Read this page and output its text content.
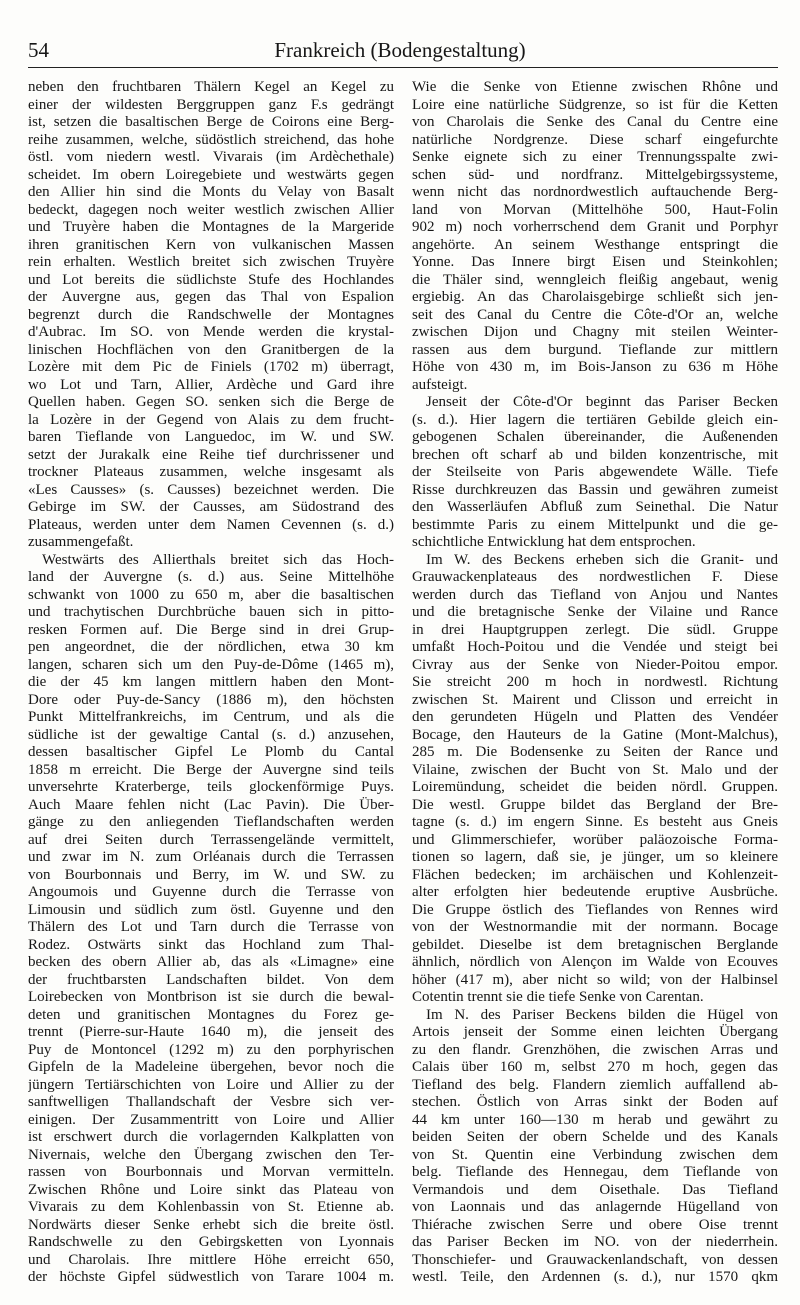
54	Frankreich (Bodengestaltung)
neben den fruchtbaren Thälern Kegel an Kegel zu
einer der wildesten Berggruppen ganz F.s gedrängt
ist, setzen die basaltischen Berge de Coirons eine Berg-
reihe zusammen, welche, südöstlich streichend, das hohe
östl. vom niedern westl. Vivarais (im Ardèchethale)
scheidet. Im obern Loiregebiete und westwärts gegen
den Allier hin sind die Monts du Velay von Basalt
bedeckt, dagegen noch weiter westlich zwischen Allier
und Truyère haben die Montagnes de la Margeride
ihren granitischen Kern von vulkanischen Massen
rein erhalten. Westlich breitet sich zwischen Truyère
und Lot bereits die südlichste Stufe des Hochlandes
der Auvergne aus, gegen das Thal von Espalion
begrenzt durch die Randschwelle der Montagnes
d'Aubrac. Im SO. von Mende werden die krystal-
linischen Hochflächen von den Granitbergen de la
Lozère mit dem Pic de Finiels (1702 m) überragt,
wo Lot und Tarn, Allier, Ardèche und Gard ihre
Quellen haben. Gegen SO. senken sich die Berge de
la Lozère in der Gegend von Alais zu dem frucht-
baren Tieflande von Languedoc, im W. und SW.
setzt der Jurakalk eine Reihe tief durchrissener und
trockner Plateaus zusammen, welche insgesamt als
«Les Causses» (s. Causses) bezeichnet werden. Die
Gebirge im SW. der Causses, am Südostrand des
Plateaus, werden unter dem Namen Cevennen (s. d.)
zusammengefaßt.
Westwärts des Allierthals breitet sich das Hoch-
land der Auvergne (s. d.) aus. Seine Mittelhöhe
schwankt von 1000 zu 650 m, aber die basaltischen
und trachytischen Durchbrüche bauen sich in pitto-
resken Formen auf. Die Berge sind in drei Grup-
pen angeordnet, die der nördlichen, etwa 30 km
langen, scharen sich um den Puy-de-Dôme (1465 m),
die der 45 km langen mittlern haben den Mont-
Dore oder Puy-de-Sancy (1886 m), den höchsten
Punkt Mittelfrankreichs, im Centrum, und als die
südliche ist der gewaltige Cantal (s. d.) anzusehen,
dessen basaltischer Gipfel Le Plomb du Cantal
1858 m erreicht. Die Berge der Auvergne sind teils
unversehrte Kraterberge, teils glockenförmige Puys.
Auch Maare fehlen nicht (Lac Pavin). Die Über-
gänge zu den anliegenden Tieflandschaften werden
auf drei Seiten durch Terrassengelände vermittelt,
und zwar im N. zum Orléanais durch die Terrassen
von Bourbonnais und Berry, im W. und SW. zu
Angoumois und Guyenne durch die Terrasse von
Limousin und südlich zum östl. Guyenne und den
Thälern des Lot und Tarn durch die Terrasse von
Rodez. Ostwärts sinkt das Hochland zum Thal-
becken des obern Allier ab, das als «Limagne» eine
der fruchtbarsten Landschaften bildet. Von dem
Loirebecken von Montbrison ist sie durch die bewal-
deten und granitischen Montagnes du Forez ge-
trennt (Pierre-sur-Haute 1640 m), die jenseit des
Puy de Montoncel (1292 m) zu den porphyrischen
Gipfeln de la Madeleine übergehen, bevor noch die
jüngern Tertiärschichten von Loire und Allier zu der
sanftwelligen Thallandschaft der Vesbre sich ver-
einigen. Der Zusammentritt von Loire und Allier
ist erschwert durch die vorlagernden Kalkplatten von
Nivernais, welche den Übergang zwischen den Ter-
rassen von Bourbonnais und Morvan vermitteln.
Zwischen Rhône und Loire sinkt das Plateau von
Vivarais zu dem Kohlenbassin von St. Etienne ab.
Nordwärts dieser Senke erhebt sich die breite östl.
Randschwelle zu den Gebirgsketten von Lyonnais
und Charolais. Ihre mittlere Höhe erreicht 650,
der höchste Gipfel südwestlich von Tarare 1004 m.
Wie die Senke von Etienne zwischen Rhône und
Loire eine natürliche Südgrenze, so ist für die Ketten
von Charolais die Senke des Canal du Centre eine
natürliche Nordgrenze. Diese scharf eingefurchte
Senke eignete sich zu einer Trennungsspalte zwi-
schen süd- und nordfranz. Mittelgebirgssysteme,
wenn nicht das nordnordwestlich auftauchende Berg-
land von Morvan (Mittelhöhe 500, Haut-Folin
902 m) noch vorherrschend dem Granit und Porphyr
angehörte. An seinem Westhange entspringt die
Yonne. Das Innere birgt Eisen und Steinkohlen;
die Thäler sind, wenngleich fleißig angebaut, wenig
ergiebig. An das Charolaisgebirge schließt sich jen-
seit des Canal du Centre die Côte-d'Or an, welche
zwischen Dijon und Chagny mit steilen Weinter-
rassen aus dem burgund. Tieflande zur mittlern
Höhe von 430 m, im Bois-Janson zu 636 m Höhe
aufsteigt.
Jenseit der Côte-d'Or beginnt das Pariser Becken
(s. d.). Hier lagern die tertiären Gebilde gleich ein-
gebogenen Schalen übereinander, die Außenenden
brechen oft scharf ab und bilden konzentrische, mit
der Steilseite von Paris abgewendete Wälle. Tiefe
Risse durchkreuzen das Bassin und gewähren zumeist
den Wasserläufen Abfluß zum Seinethal. Die Natur
bestimmte Paris zu einem Mittelpunkt und die ge-
schichtliche Entwicklung hat dem entsprochen.
Im W. des Beckens erheben sich die Granit- und
Grauwackenplateaus des nordwestlichen F. Diese
werden durch das Tiefland von Anjou und Nantes
und die bretagnische Senke der Vilaine und Rance
in drei Hauptgruppen zerlegt. Die südl. Gruppe
umfaßt Hoch-Poitou und die Vendée und steigt bei
Civray aus der Senke von Nieder-Poitou empor.
Sie streicht 200 m hoch in nordwestl. Richtung
zwischen St. Mairent und Clisson und erreicht in
den gerundeten Hügeln und Platten des Vendéer
Bocage, den Hauteurs de la Gatine (Mont-Malchus),
285 m. Die Bodensenke zu Seiten der Rance und
Vilaine, zwischen der Bucht von St. Malo und der
Loiremündung, scheidet die beiden nördl. Gruppen.
Die westl. Gruppe bildet das Bergland der Bre-
tagne (s. d.) im engern Sinne. Es besteht aus Gneis
und Glimmerschiefer, worüber paläozoische Forma-
tionen so lagern, daß sie, je jünger, um so kleinere
Flächen bedecken; im archäischen und Kohlenzeit-
alter erfolgten hier bedeutende eruptive Ausbrüche.
Die Gruppe östlich des Tieflandes von Rennes wird
von der Westnormandie mit der normann. Bocage
gebildet. Dieselbe ist dem bretagnischen Berglande
ähnlich, nördlich von Alençon im Walde von Ecouves
höher (417 m), aber nicht so wild; von der Halbinsel
Cotentin trennt sie die tiefe Senke von Carentan.
Im N. des Pariser Beckens bilden die Hügel von
Artois jenseit der Somme einen leichten Übergang
zu den flandr. Grenzhöhen, die zwischen Arras und
Calais über 160 m, selbst 270 m hoch, gegen das
Tiefland des belg. Flandern ziemlich auffallend ab-
stechen. Östlich von Arras sinkt der Boden auf
44 km unter 160—130 m herab und gewährt zu
beiden Seiten der obern Schelde und des Kanals
von St. Quentin eine Verbindung zwischen dem
belg. Tieflande des Hennegau, dem Tieflande von
Vermandois und dem Oisethale. Das Tiefland
von Laonnais und das anlagernde Hügelland von
Thiérache zwischen Serre und obere Oise trennt
das Pariser Becken im NO. von der niederrhein.
Thonschiefer- und Grauwackenlandschaft, von dessen
westl. Teile, den Ardennen (s. d.), nur 1570 qkm
